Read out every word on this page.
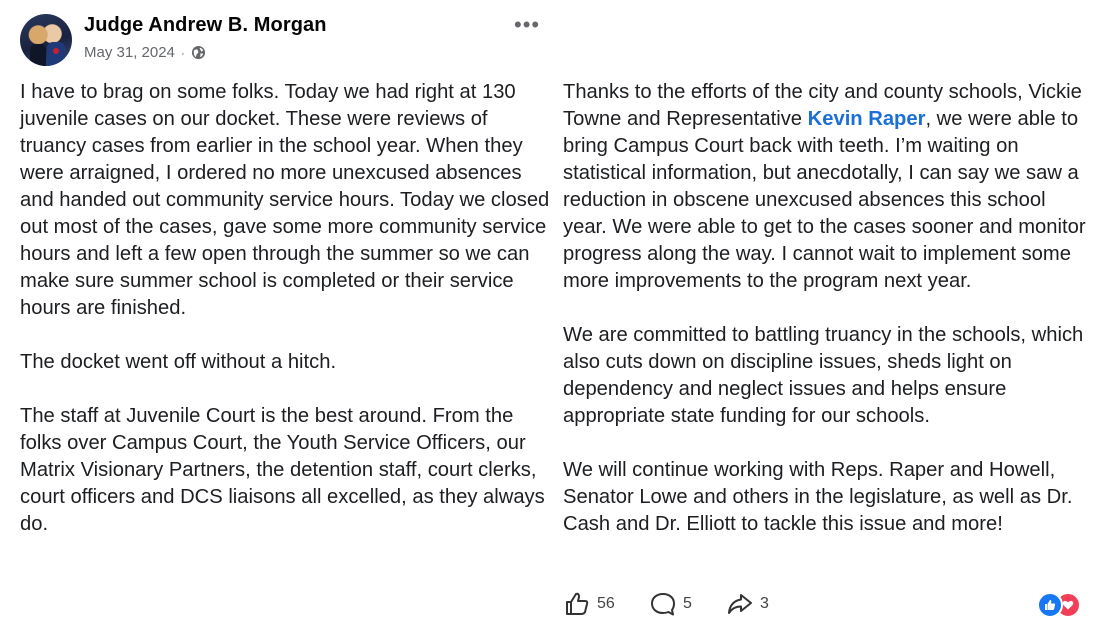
Judge Andrew B. Morgan
May 31, 2024 ·
•••

I have to brag on some folks. Today we had right at 130 juvenile cases on our docket. These were reviews of truancy cases from earlier in the school year. When they were arraigned, I ordered no more unexcused absences and handed out community service hours. Today we closed out most of the cases, gave some more community service hours and left a few open through the summer so we can make sure summer school is completed or their service hours are finished.

The docket went off without a hitch.

The staff at Juvenile Court is the best around. From the folks over Campus Court, the Youth Service Officers, our Matrix Visionary Partners, the detention staff, court clerks, court officers and DCS liaisons all excelled, as they always do.

Thanks to the efforts of the city and county schools, Vickie Towne and Representative Kevin Raper, we were able to bring Campus Court back with teeth. I’m waiting on statistical information, but anecdotally, I can say we saw a reduction in obscene unexcused absences this school year. We were able to get to the cases sooner and monitor progress along the way. I cannot wait to implement some more improvements to the program next year.

We are committed to battling truancy in the schools, which also cuts down on discipline issues, sheds light on dependency and neglect issues and helps ensure appropriate state funding for our schools.

We will continue working with Reps. Raper and Howell, Senator Lowe and others in the legislature, as well as Dr. Cash and Dr. Elliott to tackle this issue and more!

56	5	3
